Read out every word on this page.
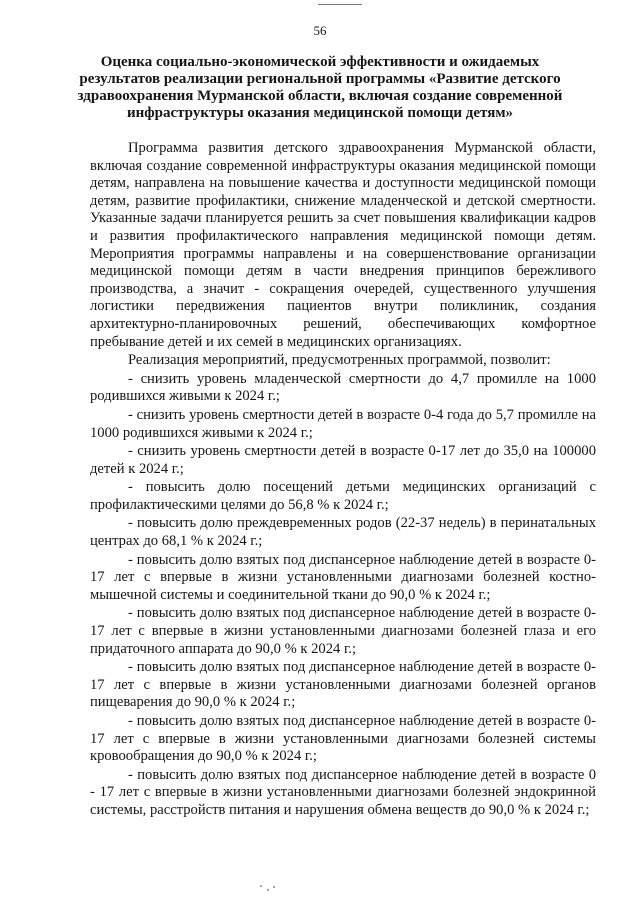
56
Оценка социально-экономической эффективности и ожидаемых результатов реализации региональной программы «Развитие детского здравоохранения Мурманской области, включая создание современной инфраструктуры оказания медицинской помощи детям»

Программа развития детского здравоохранения Мурманской области, включая создание современной инфраструктуры оказания медицинской помощи детям, направлена на повышение качества и доступности медицинской помощи детям, развитие профилактики, снижение младенческой и детской смертности. Указанные задачи планируется решить за счет повышения квалификации кадров и развития профилактического направления медицинской помощи детям. Мероприятия программы направлены и на совершенствование организации медицинской помощи детям в части внедрения принципов бережливого производства, а значит - сокращения очередей, существенного улучшения логистики передвижения пациентов внутри поликлиник, создания архитектурно-планировочных решений, обеспечивающих комфортное пребывание детей и их семей в медицинских организациях.

Реализация мероприятий, предусмотренных программой, позволит:

- снизить уровень младенческой смертности до 4,7 промилле на 1000 родившихся живыми к 2024 г.;

- снизить уровень смертности детей в возрасте 0-4 года до 5,7 промилле на 1000 родившихся живыми к 2024 г.;

- снизить уровень смертности детей в возрасте 0-17 лет до 35,0 на 100000 детей к 2024 г.;

- повысить долю посещений детьми медицинских организаций с профилактическими целями до 56,8 % к 2024 г.;

- повысить долю преждевременных родов (22-37 недель) в перинатальных центрах до 68,1 % к 2024 г.;

- повысить долю взятых под диспансерное наблюдение детей в возрасте 0-17 лет с впервые в жизни установленными диагнозами болезней костно-мышечной системы и соединительной ткани до 90,0 % к 2024 г.;

- повысить долю взятых под диспансерное наблюдение детей в возрасте 0-17 лет с впервые в жизни установленными диагнозами болезней глаза и его придаточного аппарата до 90,0 % к 2024 г.;

- повысить долю взятых под диспансерное наблюдение детей в возрасте 0-17 лет с впервые в жизни установленными диагнозами болезней органов пищеварения до 90,0 % к 2024 г.;

- повысить долю взятых под диспансерное наблюдение детей в возрасте 0-17 лет с впервые в жизни установленными диагнозами болезней системы кровообращения до 90,0 % к 2024 г.;

- повысить долю взятых под диспансерное наблюдение детей в возрасте 0 - 17 лет с впервые в жизни установленными диагнозами болезней эндокринной системы, расстройств питания и нарушения обмена веществ до 90,0 % к 2024 г.;
